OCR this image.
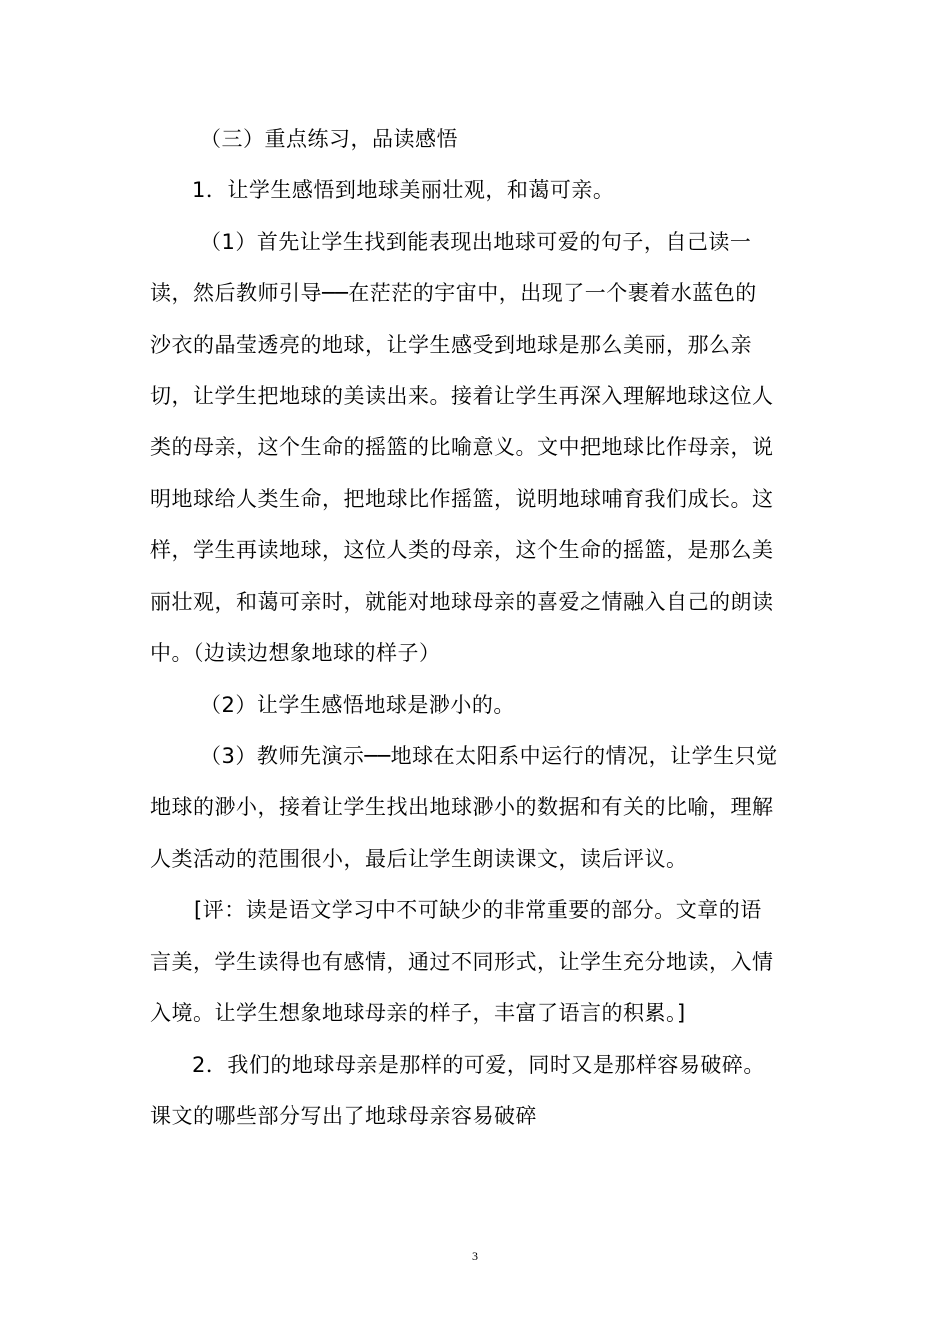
（三）重点练习，品读感悟
1．让学生感悟到地球美丽壮观，和蔼可亲。
（1）首先让学生找到能表现出地球可爱的句子，自己读一
读，然后教师引导──在茫茫的宇宙中，出现了一个裹着水蓝色的
沙衣的晶莹透亮的地球，让学生感受到地球是那么美丽，那么亲
切，让学生把地球的美读出来。接着让学生再深入理解地球这位人
类的母亲，这个生命的摇篮的比喻意义。文中把地球比作母亲，说
明地球给人类生命，把地球比作摇篮，说明地球哺育我们成长。这
样，学生再读地球，这位人类的母亲，这个生命的摇篮，是那么美
丽壮观，和蔼可亲时，就能对地球母亲的喜爱之情融入自己的朗读
中。（边读边想象地球的样子）
（2）让学生感悟地球是渺小的。
（3）教师先演示──地球在太阳系中运行的情况，让学生只觉
地球的渺小，接着让学生找出地球渺小的数据和有关的比喻，理解
人类活动的范围很小，最后让学生朗读课文，读后评议。
[评：读是语文学习中不可缺少的非常重要的部分。文章的语
言美，学生读得也有感情，通过不同形式，让学生充分地读，入情
入境。让学生想象地球母亲的样子，丰富了语言的积累。]
2．我们的地球母亲是那样的可爱，同时又是那样容易破碎。
课文的哪些部分写出了地球母亲容易破碎
3
